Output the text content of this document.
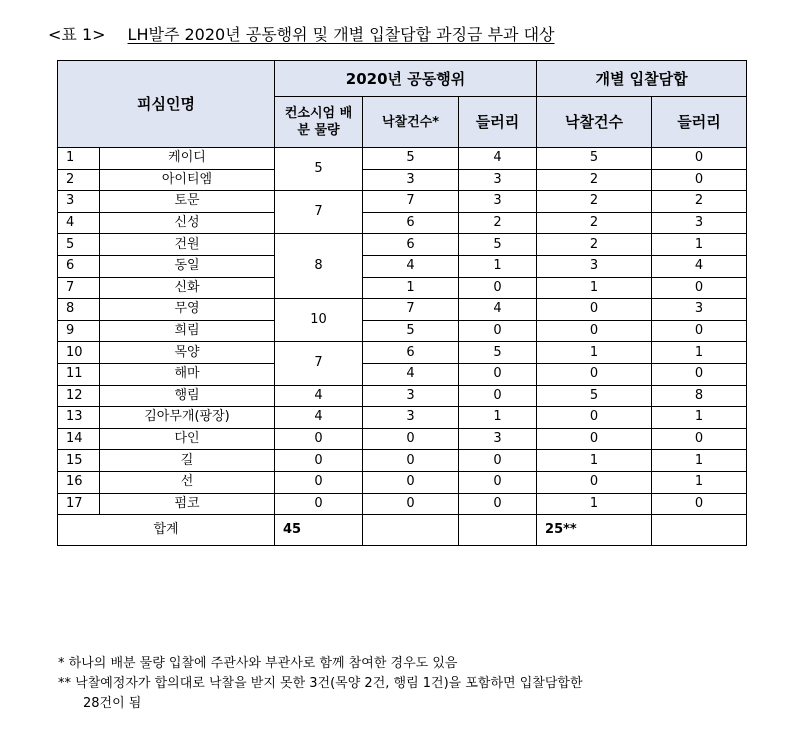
<표 1> LH발주 2020년 공동행위 및 개별 입찰담합 과징금 부과 대상
피심인명		2020년 공동행위			개별 입찰담합	
		컨소시엄 배분 물량	낙찰건수*	들러리	낙찰건수	들러리
1	케이디	5	5	4	5	0
2	아이티엠		3	3	2	0
3	토문	7	7	3	2	2
4	신성		6	2	2	3
5	건원	8	6	5	2	1
6	동일		4	1	3	4
7	신화		1	0	1	0
8	무영	10	7	4	0	3
9	희림		5	0	0	0
10	목양	7	6	5	1	1
11	해마		4	0	0	0
12	행림	4	3	0	5	8
13	김아무개(팡장)	4	3	1	0	1
14	다인	0	0	3	0	0
15	길	0	0	0	1	1
16	선	0	0	0	0	1
17	펌코	0	0	0	1	0
합계		45			25**	
* 하나의 배분 물량 입찰에 주관사와 부관사로 함께 참여한 경우도 있음
** 낙찰예정자가 합의대로 낙찰을 받지 못한 3건(목양 2건, 행림 1건)을 포함하면 입찰담합한
28건이 됨
